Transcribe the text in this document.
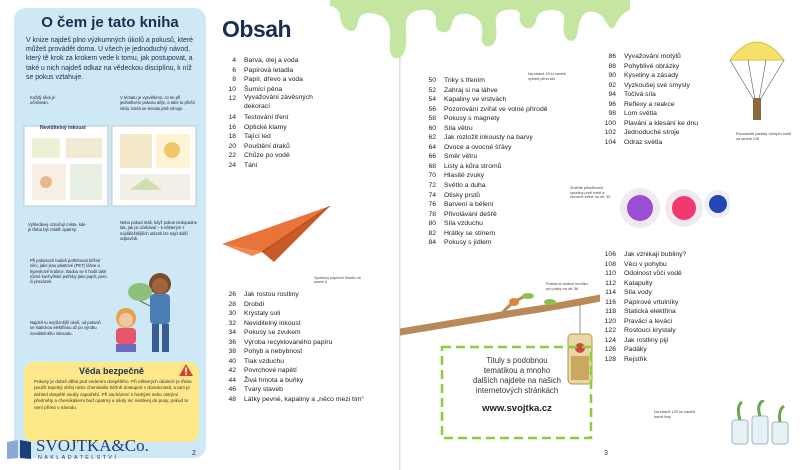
O čem je tato kniha

V knize najdeš plno výzkumných úkolů a pokusů, které můžeš provádět doma. U všech je jednoduchý návod, který tě krok za krokem vede k tomu, jak postupovat, a také u nich najdeš odkaz na vědeckou disciplínu, k níž se pokus vztahuje.

Každý úkol je očíslován.

V tématu je vysvětleno, co se při jednotlivém pokusu děje, a také tu přečti vědu, která se tématu jistě věnuje.

Neviditelný inkoust

Vyhledávej označují místa, kde je třeba být zvlášť opatrný.

Nebo pokud máš, když pokus nedopadne tak, jak jsi očekával – k některým z nejdůležitějších otázek lze najít další odpovědi.

Při pokusech budeš potřebovat běžné věci, jako jsou plastové (PET) láhve a lepenkové krabice. Budou se ti hodit také různé kuchyňské potřeby jako papír, pero či provázek.

Najdeš tu nejrůznější okolí, od pokusů se statickou elektřinou až po výrobu neviditelného inkoustu.

Věda bezpečně

Pokusy je dobré dělat pod vedením dospělého. Při některých úkolech je třeba použít tepelný ohřej nebo chemikálie běžně dostupné v domácnosti, a tam je dohled dospělé osoby zapotřebí. Při zacházení s horkými nebo ostrými předměty a chemikáliemi buď opatrný a nikdy nic nedávej do pusy, pokud to není přímo v návodu.

Obsah
4 Barva, olej a voda
6 Papírová letadla
8 Papír, dřevo a voda
10 Šumící pěna
12 Vyvažování závěsných dekorací
14 Testování tření
16 Optické klamy
18 Tající led
20 Pouštění draků
22 Chůze po vodě
24 Tání

Vyrobený papírové letadlo na straně 6

26 Jak rostou rostliny
28 Drobdí
30 Krystaly soli
32 Neviditelný inkoust
34 Pokusy se zvukem
36 Výroba recyklovaného papíru
38 Pohyb a nebybnost
40 Tlak vzduchu
42 Povrchové napětí
44 Živá hmota a buňky
46 Tvary staveb
48 Látky pevné, kapaliny a „něco mezi tím“
2
SVOJTKA&Co.
NAKLADATELSTVÍ

Na straně 49 si naučíš vyrobit pěnu sliz

50 Triky s třením
52 Zahraj si na láhve
54 Kapaliny ve vrstvách
56 Pozorování zvířat ve volné přírodě
58 Pokusy s magnety
60 Síla větru
62 Jak rozložit inkousty na barvy
64 Ovoce a ovocné šťávy
66 Směr větru
68 Listy a kůra stromů
70 Hlasité zvuky
72 Světlo a duha
74 Otisky prstů
76 Barvení a bělení
78 Přivolávání dešťě
80 Síla vzduchu
82 Hrátky se stínem
84 Pokusy s jídlem
86 Vyvažování motýlů
88 Pohyblivé obrázky
90 Kyseliny a zásady
92 Vyzkoušej své smysly
94 Točivá síla
96 Reflexy a reakce
98 Lom světla
100 Plavání a klesání ke dnu
102 Jednoduché stroje
104 Odraz světla

Rozmanité padáky různých tvarů na straně 126

Změňte přitažlivosti kyseliny proti sobě a červené zelné na str. 90

106 Jak vznikají bubliny?
108 Věci v pohybu
110 Odolnost vůči vodě
112 Katapulty
114 Síla vody
116 Papírové vrtulníky
118 Statická elektřina
120 Pravácí a leváci
122 Rostoucí krystaly
124 Jak rostliny pijí
126 Padáky
128 Rejstřík

Postav si drobné krmítko pro ptáky na str. 56

Tituly s podobnou
tematikou a mnoho
dalších najdete na našich
internetových stránkách
www.svojtka.cz	Na straně 125 se naučíš barvit listy

3
